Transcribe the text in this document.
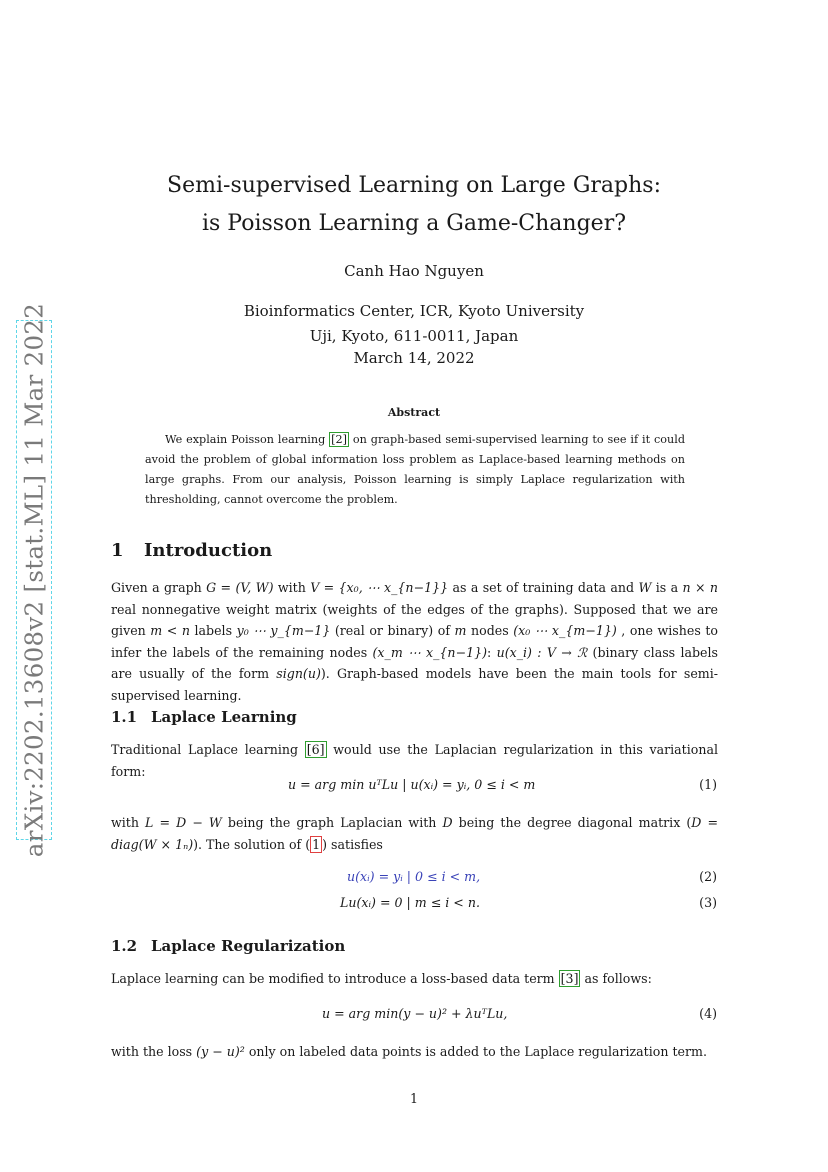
arXiv:2202.13608v2 [stat.ML] 11 Mar 2022
Semi-supervised Learning on Large Graphs:
is Poisson Learning a Game-Changer?
Canh Hao Nguyen
Bioinformatics Center, ICR, Kyoto University
Uji, Kyoto, 611-0011, Japan
March 14, 2022
Abstract
We explain Poisson learning [2] on graph-based semi-supervised learning to see if it could avoid the problem of global information loss problem as Laplace-based learning methods on large graphs. From our analysis, Poisson learning is simply Laplace regularization with thresholding, cannot overcome the problem.
1 Introduction
Given a graph G = (V, W) with V = {x₀, ⋯ x_{n−1}} as a set of training data and W is a n × n real nonnegative weight matrix (weights of the edges of the graphs). Supposed that we are given m < n labels y₀ ⋯ y_{m−1} (real or binary) of m nodes (x₀ ⋯ x_{m−1}) , one wishes to infer the labels of the remaining nodes (x_m ⋯ x_{n−1}): u(x_i) : V → ℛ (binary class labels are usually of the form sign(u)). Graph-based models have been the main tools for semi-supervised learning.
1.1 Laplace Learning
Traditional Laplace learning [6] would use the Laplacian regularization in this variational form:
u = arg min uᵀLu | u(xᵢ) = yᵢ, 0 ≤ i < m	(1)
with L = D − W being the graph Laplacian with D being the degree diagonal matrix (D = diag(W × 1ₙ)). The solution of ( 1 ) satisfies
u(xᵢ) = yᵢ | 0 ≤ i < m,	(2)
Lu(xᵢ) = 0 | m ≤ i < n.	(3)
1.2 Laplace Regularization
Laplace learning can be modified to introduce a loss-based data term [3] as follows:
u = arg min(y − u)² + λuᵀLu,	(4)
with the loss (y − u)² only on labeled data points is added to the Laplace regularization term.
1
